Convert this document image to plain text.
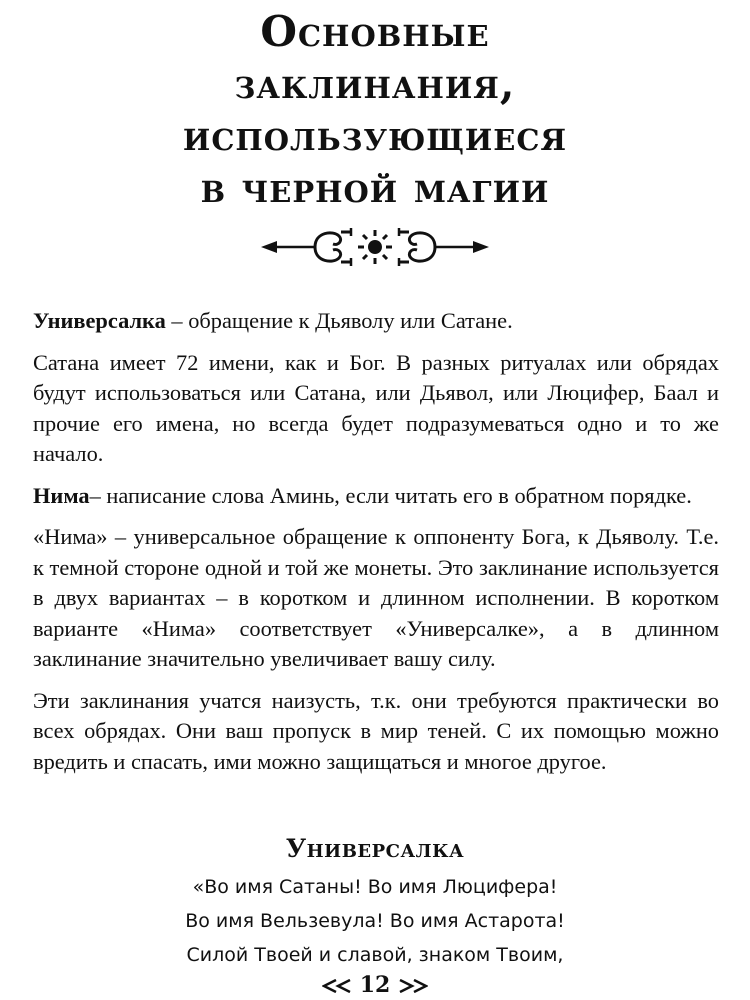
Основные
заклинания,
использующиеся
в черной магии

Универсалка – обращение к Дьяволу или Сатане.

Сатана имеет 72 имени, как и Бог. В разных ритуалах или обрядах будут использоваться или Сатана, или Дьявол, или Люцифер, Баал и прочие его имена, но всегда будет подразумеваться одно и то же начало.

Нима– написание слова Аминь, если читать его в обратном порядке.

«Нима» – универсальное обращение к оппоненту Бога, к Дьяволу. Т.е. к темной стороне одной и той же монеты. Это заклинание используется в двух вариантах – в коротком и длинном исполнении. В коротком варианте «Нима» соответствует «Универсалке», а в длинном заклинание значительно увеличивает вашу силу.

Эти заклинания учатся наизусть, т.к. они требуются практически во всех обрядах. Они ваш пропуск в мир теней. С их помощью можно вредить и спасать, ими можно защищаться и многое другое.

Универсалка
«Во имя Сатаны! Во имя Люцифера!
Во имя Вельзевула! Во имя Астарота!
Силой Твоей и славой, знаком Твоим,
12
